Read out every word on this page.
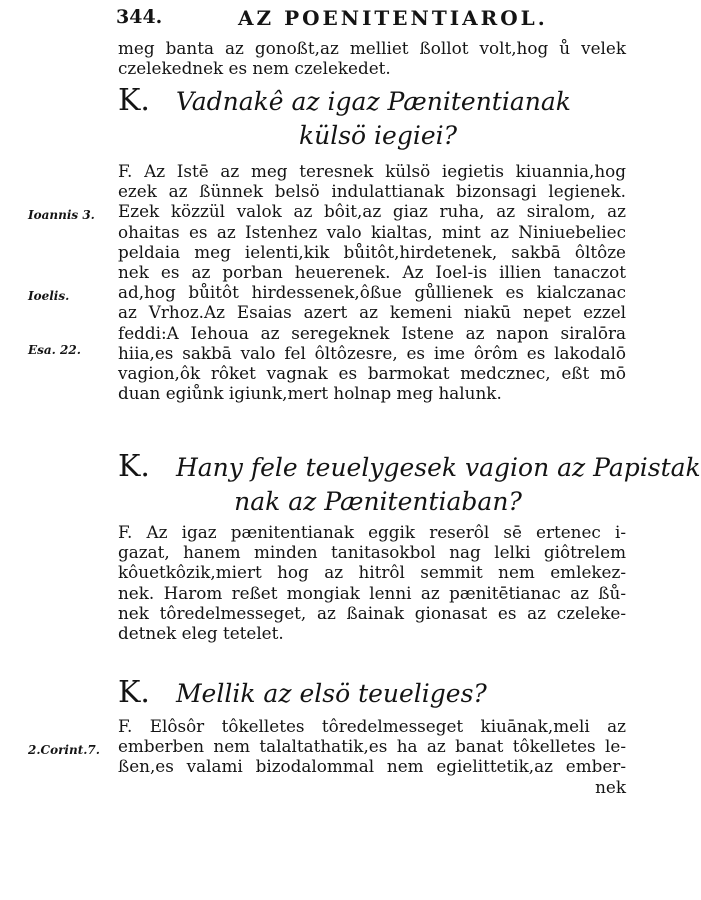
344.	AZ POENITENTIAROL.
meg banta az gonoßt,az melliet ßollot volt,hog ů velek
czelekednek es nem czelekedet.
K. Vadnakê az igaz Pænitentianak
külsö iegiei?
F. Az Istē az meg teresnek külsö iegietis kiuannia,hog
ezek az ßünnek belsö indulattianak bizonsagi legienek.
Ezek közzül valok az bôit,az giaz ruha, az siralom, az
ohaitas es az Istenhez valo kialtas, mint az Niniuebeliec
peldaia meg ielenti,kik bůitôt,hirdetenek, sakbā ôltôze
nek es az porban heuerenek. Az Ioel-is illien tanaczot
ad,hog bůitôt hirdessenek,ôßue gůllienek es kialczanac
az Vrhoz.Az Esaias azert az kemeni niakū nepet ezzel
feddi:A Iehoua az seregeknek Istene az napon siralōra
hiia,es sakbā valo fel ôltôzesre, es ime ôrôm es lakodalō
vagion,ôk rôket vagnak es barmokat medcznec, eßt mō
duan egiůnk igiunk,mert holnap meg halunk.
Ioannis 3.
Ioelis.
Esa. 22.
K. Hany fele teuelygesek vagion az Papistak
nak az Pænitentiaban?
F. Az igaz pænitentianak eggik reserôl sē ertenec i-
gazat, hanem minden tanitasokbol nag lelki giôtrelem
kôuetkôzik,miert hog az hitrôl semmit nem emlekez-
nek. Harom reßet mongiak lenni az pænitētianac az ßů-
nek tôredelmesseget, az ßainak gionasat es az czeleke-
detnek eleg tetelet.
K. Mellik az elsö teueliges?
F. Elôsôr tôkelletes tôredelmesseget kiuānak,meli az
emberben nem talaltathatik,es ha az banat tôkelletes le-
ßen,es valami bizodalommal nem egielittetik,az ember-
nek
2.Corint.7.
